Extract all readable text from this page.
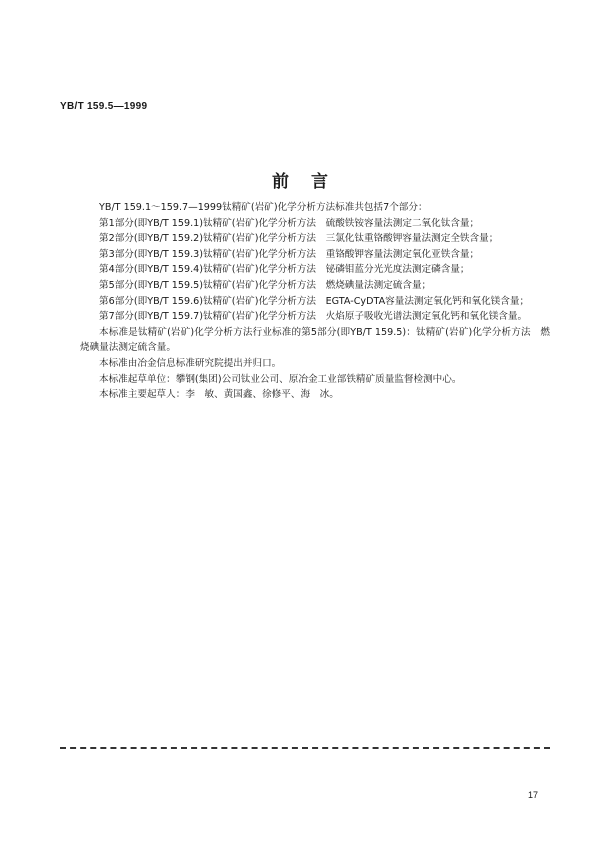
YB/T 159.5—1999
前言

YB/T 159.1～159.7—1999钛精矿(岩矿)化学分析方法标准共包括7个部分：

第1部分(即YB/T 159.1)钛精矿(岩矿)化学分析方法　硫酸铁铵容量法测定二氧化钛含量；

第2部分(即YB/T 159.2)钛精矿(岩矿)化学分析方法　三氯化钛重铬酸钾容量法测定全铁含量；

第3部分(即YB/T 159.3)钛精矿(岩矿)化学分析方法　重铬酸钾容量法测定氧化亚铁含量；

第4部分(即YB/T 159.4)钛精矿(岩矿)化学分析方法　铋磷钼蓝分光光度法测定磷含量；

第5部分(即YB/T 159.5)钛精矿(岩矿)化学分析方法　燃烧碘量法测定硫含量；

第6部分(即YB/T 159.6)钛精矿(岩矿)化学分析方法　EGTA-CyDTA容量法测定氧化钙和氧化镁含量；

第7部分(即YB/T 159.7)钛精矿(岩矿)化学分析方法　火焰原子吸收光谱法测定氧化钙和氧化镁含量。

本标准是钛精矿(岩矿)化学分析方法行业标准的第5部分(即YB/T 159.5)：钛精矿(岩矿)化学分析方法　燃烧碘量法测定硫含量。

本标准由冶金信息标准研究院提出并归口。

本标准起草单位：攀钢(集团)公司钛业公司、原冶金工业部铁精矿质量监督检测中心。

本标准主要起草人：李　敏、黄国鑫、徐修平、海　冰。

17
